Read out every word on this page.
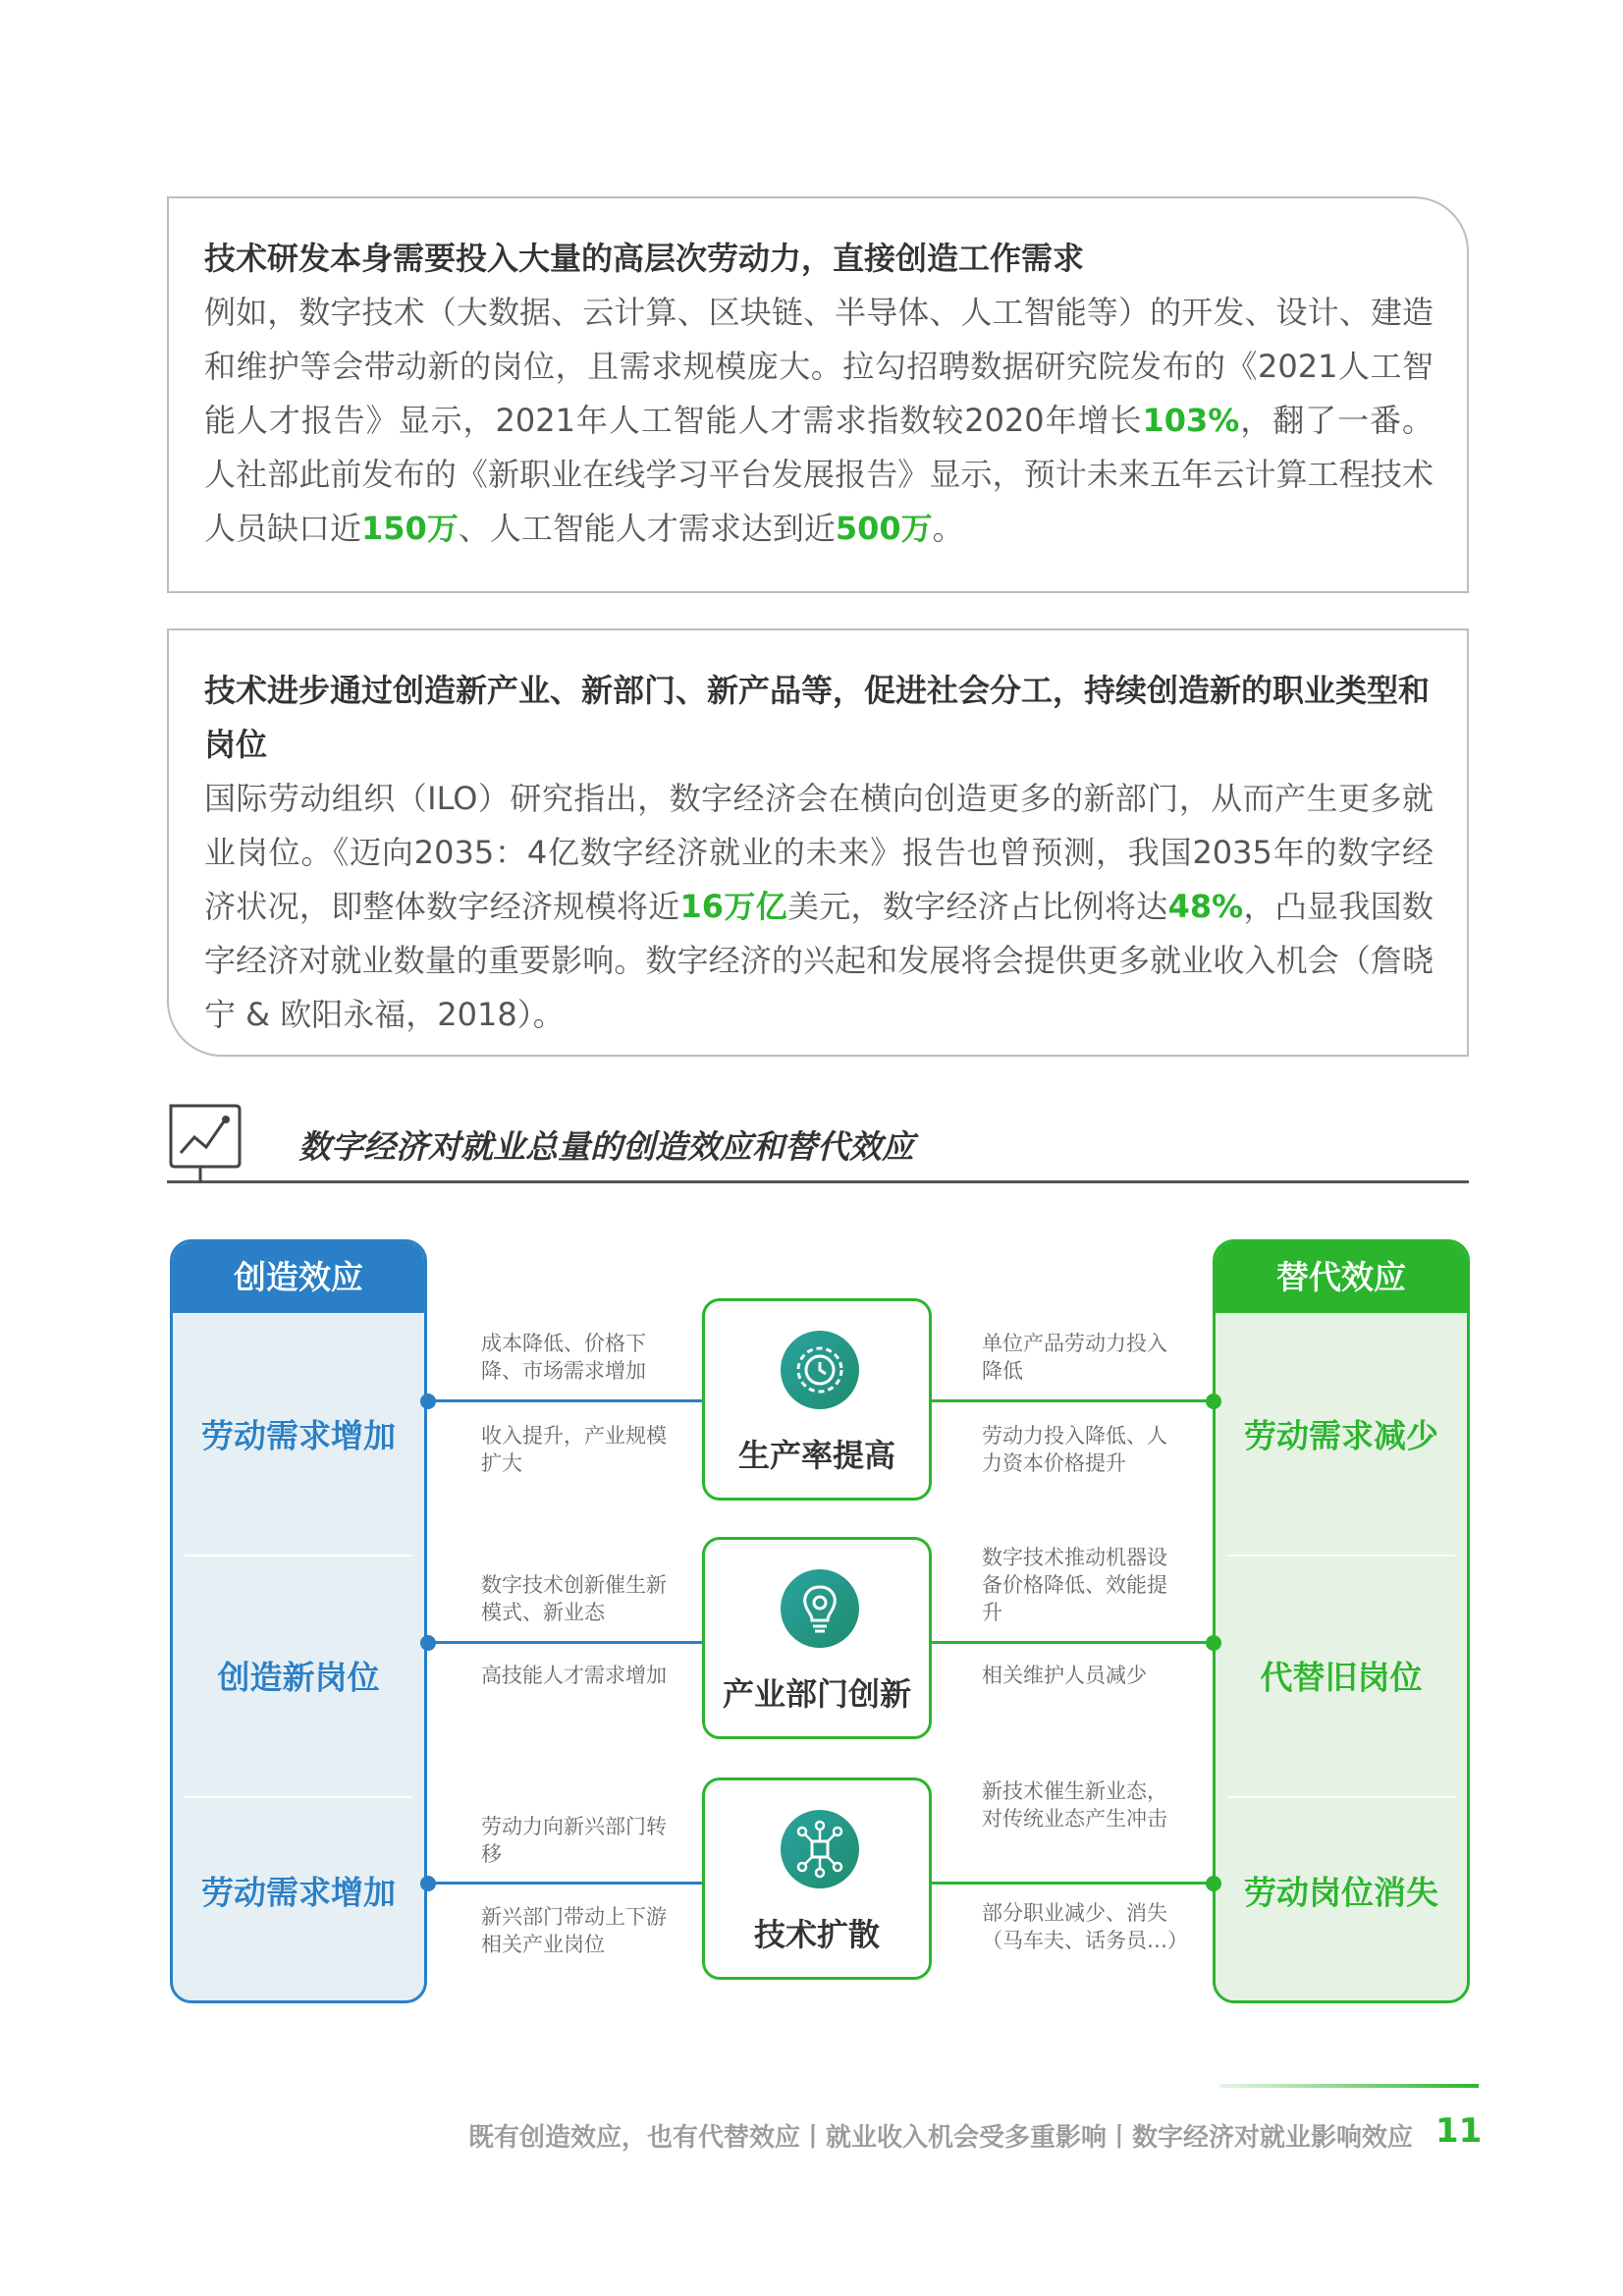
技术研发本身需要投入大量的高层次劳动力，直接创造工作需求
例如，数字技术（大数据、云计算、区块链、半导体、人工智能等）的开发、设计、建造和维护等会带动新的岗位，且需求规模庞大。拉勾招聘数据研究院发布的《2021人工智能人才报告》显示，2021年人工智能人才需求指数较2020年增长103%，翻了一番。人社部此前发布的《新职业在线学习平台发展报告》显示，预计未来五年云计算工程技术人员缺口近150万、人工智能人才需求达到近500万。
技术进步通过创造新产业、新部门、新产品等，促进社会分工，持续创造新的职业类型和岗位
国际劳动组织（ILO）研究指出，数字经济会在横向创造更多的新部门，从而产生更多就业岗位。《迈向2035：4亿数字经济就业的未来》报告也曾预测，我国2035年的数字经济状况，即整体数字经济规模将近16万亿美元，数字经济占比例将达48%，凸显我国数字经济对就业数量的重要影响。数字经济的兴起和发展将会提供更多就业收入机会（詹晓宁 & 欧阳永福，2018）。
数字经济对就业总量的创造效应和替代效应
创造效应
劳动需求增加
创造新岗位
劳动需求增加
替代效应
劳动需求减少
代替旧岗位
劳动岗位消失
生产率提高
产业部门创新
技术扩散
成本降低、价格下降、市场需求增加
收入提升，产业规模扩大
数字技术创新催生新模式、新业态
高技能人才需求增加
劳动力向新兴部门转移
新兴部门带动上下游相关产业岗位
单位产品劳动力投入降低
劳动力投入降低、人力资本价格提升
数字技术推动机器设备价格降低、效能提升
相关维护人员减少
新技术催生新业态，对传统业态产生冲击
部分职业减少、消失（马车夫、话务员…）
既有创造效应，也有代替效应丨就业收入机会受多重影响丨数字经济对就业影响效应 11
